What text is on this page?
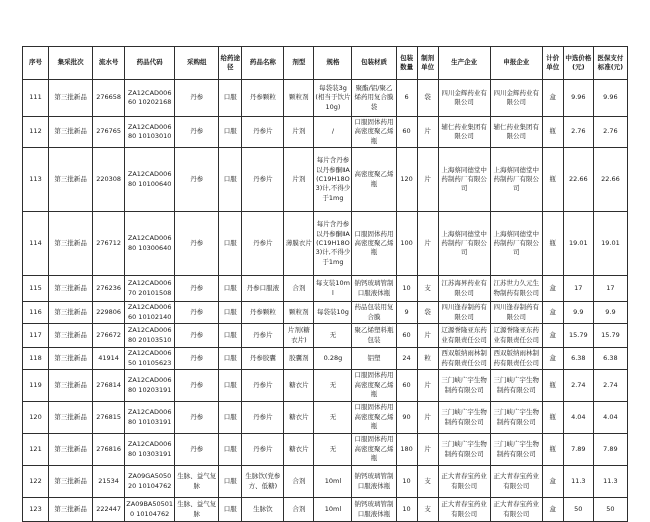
序号	集采批次	流水号	药品代码	采购组	给药途径	药品名称	剂型	规格	包装材质	包装数量	制剂单位	生产企业	申报企业	计价单位	中选价格(元)	医保支付标准(元)
111	第三批新品	276658	ZA12CAD00660 10202168	丹参	口服	丹参颗粒	颗粒剂	每袋装3g(相当于饮片10g)	聚酯/铝/聚乙烯药用复合膜袋	6	袋	四川金辉药业有限公司	四川金辉药业有限公司	盒	9.96	9.96
112	第三批新品	276765	ZA12CAD00680 10103010	丹参	口服	丹参片	片剂	/	口服固体药用高密度聚乙烯瓶	60	片	辅仁药业集团有限公司	辅仁药业集团有限公司	瓶	2.76	2.76
113	第三批新品	220308	ZA12CAD00680 10100640	丹参	口服	丹参片	片剂	每片含丹参以丹参酮ⅡA(C19H18O3)计,不得少于1mg	高密度聚乙烯瓶	120	片	上海蔡同德堂中药制药厂有限公司	上海蔡同德堂中药制药厂有限公司	瓶	22.66	22.66
114	第三批新品	276712	ZA12CAD00680 10300640	丹参	口服	丹参片	薄膜衣片	每片含丹参以丹参酮ⅡA(C19H18O3)计,不得少于1mg	口服固体药用高密度聚乙烯瓶	100	片	上海蔡同德堂中药制药厂有限公司	上海蔡同德堂中药制药厂有限公司	瓶	19.01	19.01
115	第三批新品	276236	ZA12CAD00670 20101508	丹参	口服	丹参口服液	合剂	每支装10ml	钠钙玻璃管制口服液体瓶	10	支	江苏海昇药业有限公司	江苏世力久元生物制药有限公司	盒	17	17
116	第三批新品	229806	ZA12CAD00660 10102140	丹参	口服	丹参颗粒	颗粒剂	每袋装10g	药品包装用复合膜	9	袋	四川逢春制药有限公司	四川逢春制药有限公司	盒	9.9	9.9
117	第三批新品	276672	ZA12CAD00680 20103510	丹参	口服	丹参片	片剂(糖衣片)	无	聚乙烯塑料瓶包装	60	片	辽源誉隆亚东药业有限责任公司	辽源誉隆亚东药业有限责任公司	盒	15.79	15.79
118	第三批新品	41914	ZA12CAD00650 10105623	丹参	口服	丹参胶囊	胶囊剂	0.28g	铝塑	24	粒	西双版纳雨林制药有限责任公司	西双版纳雨林制药有限责任公司	盒	6.38	6.38
119	第三批新品	276814	ZA12CAD00680 10203191	丹参	口服	丹参片	糖衣片	无	口服固体药用高密度聚乙烯瓶	60	片	三门峡广宇生物制药有限公司	三门峡广宇生物制药有限公司	瓶	2.74	2.74
120	第三批新品	276815	ZA12CAD00680 10103191	丹参	口服	丹参片	糖衣片	无	口服固体药用高密度聚乙烯瓶	90	片	三门峡广宇生物制药有限公司	三门峡广宇生物制药有限公司	瓶	4.04	4.04
121	第三批新品	276816	ZA12CAD00680 10303191	丹参	口服	丹参片	糖衣片	无	口服固体药用高密度聚乙烯瓶	180	片	三门峡广宇生物制药有限公司	三门峡广宇生物制药有限公司	瓶	7.89	7.89
122	第三批新品	21534	ZA09GA505020 10104762	生脉、益气复脉	口服	生脉饮(党参方、低糖)	合剂	10ml	钠钙玻璃管制口服液体瓶	10	支	正大青春宝药业有限公司	正大青春宝药业有限公司	盒	11.3	11.3
123	第三批新品	222447	ZA09BA505010 10104762	生脉、益气复脉	口服	生脉饮	合剂	10ml	钠钙玻璃管制口服液体瓶	10	支	正大青春宝药业有限公司	正大青春宝药业有限公司	盒	50	50
